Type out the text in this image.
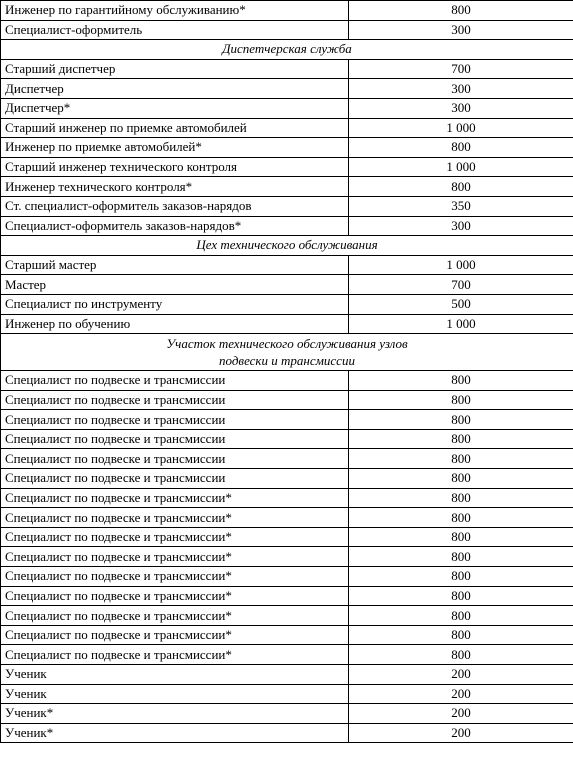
Инженер по гарантийному обслуживанию*	800
Специалист-оформитель	300
Диспетчерская служба	
Старший диспетчер	700
Диспетчер	300
Диспетчер*	300
Старший инженер по приемке автомобилей	1 000
Инженер по приемке автомобилей*	800
Старший инженер технического контроля	1 000
Инженер технического контроля*	800
Ст. специалист-оформитель заказов-нарядов	350
Специалист-оформитель заказов-нарядов*	300
Цех технического обслуживания	
Старший мастер	1 000
Мастер	700
Специалист по инструменту	500
Инженер по обучению	1 000
Участок технического обслуживания узлов
подвески и трансмиссии	
Специалист по подвеске и трансмиссии	800
Специалист по подвеске и трансмиссии	800
Специалист по подвеске и трансмиссии	800
Специалист по подвеске и трансмиссии	800
Специалист по подвеске и трансмиссии	800
Специалист по подвеске и трансмиссии	800
Специалист по подвеске и трансмиссии*	800
Специалист по подвеске и трансмиссии*	800
Специалист по подвеске и трансмиссии*	800
Специалист по подвеске и трансмиссии*	800
Специалист по подвеске и трансмиссии*	800
Специалист по подвеске и трансмиссии*	800
Специалист по подвеске и трансмиссии*	800
Специалист по подвеске и трансмиссии*	800
Специалист по подвеске и трансмиссии*	800
Ученик	200
Ученик	200
Ученик*	200
Ученик*	200
